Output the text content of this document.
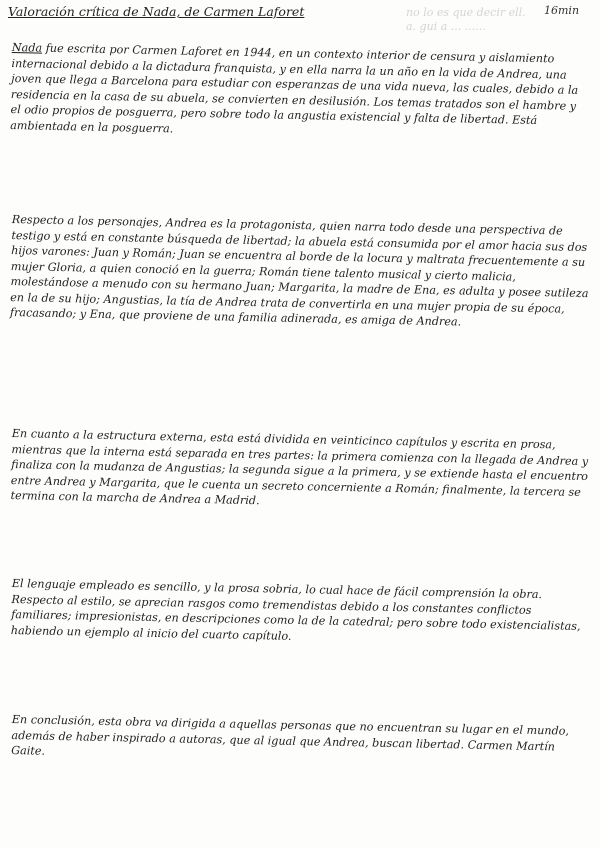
Valoración crítica de Nada, de Carmen Laforet	no lo es que decir ell. a. gui a ... ......
16min

Nada fue escrita por Carmen Laforet en 1944, en un contexto interior de censura y aislamiento internacional debido a la dictadura franquista, y en ella narra la un año en la vida de Andrea, una joven que llega a Barcelona para estudiar con esperanzas de una vida nueva, las cuales, debido a la residencia en la casa de su abuela, se convierten en desilusión. Los temas tratados son el hambre y el odio propios de posguerra, pero sobre todo la angustia existencial y falta de libertad. Está ambientada en la posguerra.

Respecto a los personajes, Andrea es la protagonista, quien narra todo desde una perspectiva de testigo y está en constante búsqueda de libertad; la abuela está consumida por el amor hacia sus dos hijos varones: Juan y Román; Juan se encuentra al borde de la locura y maltrata frecuentemente a su mujer Gloria, a quien conoció en la guerra; Román tiene talento musical y cierto malicia, molestándose a menudo con su hermano Juan; Margarita, la madre de Ena, es adulta y posee sutileza en la de su hijo; Angustias, la tía de Andrea trata de convertirla en una mujer propia de su época, fracasando; y Ena, que proviene de una familia adinerada, es amiga de Andrea.

En cuanto a la estructura externa, esta está dividida en veinticinco capítulos y escrita en prosa, mientras que la interna está separada en tres partes: la primera comienza con la llegada de Andrea y finaliza con la mudanza de Angustias; la segunda sigue a la primera, y se extiende hasta el encuentro entre Andrea y Margarita, que le cuenta un secreto concerniente a Román; finalmente, la tercera se termina con la marcha de Andrea a Madrid.

El lenguaje empleado es sencillo, y la prosa sobria, lo cual hace de fácil comprensión la obra. Respecto al estilo, se aprecian rasgos como tremendistas debido a los constantes conflictos familiares; impresionistas, en descripciones como la de la catedral; pero sobre todo existencialistas, habiendo un ejemplo al inicio del cuarto capítulo.

En conclusión, esta obra va dirigida a aquellas personas que no encuentran su lugar en el mundo, además de haber inspirado a autoras, que al igual que Andrea, buscan libertad. Carmen Martín Gaite.
